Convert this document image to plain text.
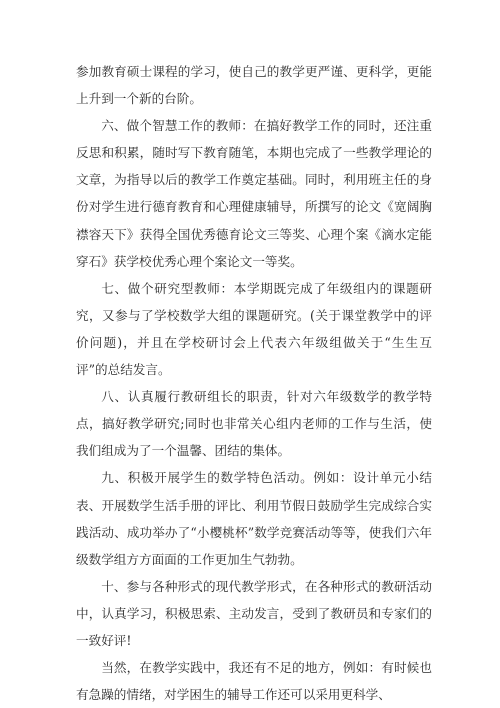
参加教育硕士课程的学习，使自己的教学更严谨、更科学，更能上升到一个新的台阶。

六、做个智慧工作的教师：在搞好教学工作的同时，还注重反思和积累，随时写下教育随笔，本期也完成了一些教学理论的文章，为指导以后的教学工作奠定基础。同时，利用班主任的身份对学生进行德育教育和心理健康辅导，所撰写的论文《宽阔胸襟容天下》获得全国优秀德育论文三等奖、心理个案《滴水定能穿石》获学校优秀心理个案论文一等奖。

七、做个研究型教师：本学期既完成了年级组内的课题研究，又参与了学校数学大组的课题研究。(关于课堂教学中的评价问题)，并且在学校研讨会上代表六年级组做关于“生生互评”的总结发言。

八、认真履行教研组长的职责，针对六年级数学的教学特点，搞好教学研究;同时也非常关心组内老师的工作与生活，使我们组成为了一个温馨、团结的集体。

九、积极开展学生的数学特色活动。例如：设计单元小结表、开展数学生活手册的评比、利用节假日鼓励学生完成综合实践活动、成功举办了“小樱桃杯”数学竞赛活动等等，使我们六年级数学组方方面面的工作更加生气勃勃。

十、参与各种形式的现代教学形式，在各种形式的教研活动中，认真学习，积极思索、主动发言，受到了教研员和专家们的一致好评!

当然，在教学实践中，我还有不足的地方，例如：有时候也有急躁的情绪，对学困生的辅导工作还可以采用更科学、
